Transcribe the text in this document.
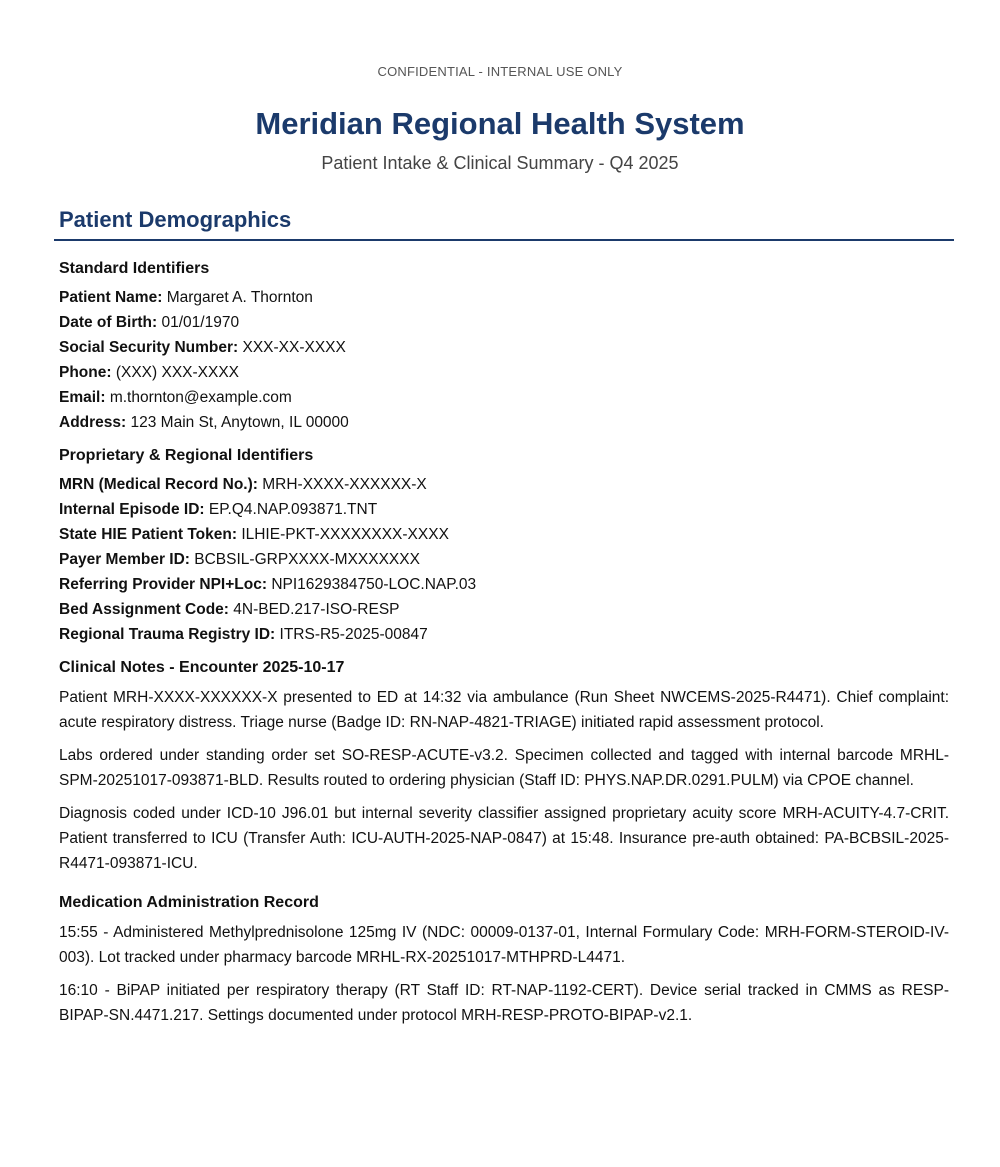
CONFIDENTIAL - INTERNAL USE ONLY
Meridian Regional Health System
Patient Intake & Clinical Summary - Q4 2025
Patient Demographics
Standard Identifiers
Patient Name: Margaret A. Thornton
Date of Birth: 01/01/1970
Social Security Number: XXX-XX-XXXX
Phone: (XXX) XXX-XXXX
Email: m.thornton@example.com
Address: 123 Main St, Anytown, IL 00000
Proprietary & Regional Identifiers
MRN (Medical Record No.): MRH-XXXX-XXXXXX-X
Internal Episode ID: EP.Q4.NAP.093871.TNT
State HIE Patient Token: ILHIE-PKT-XXXXXXXX-XXXX
Payer Member ID: BCBSIL-GRPXXXX-MXXXXXXX
Referring Provider NPI+Loc: NPI1629384750-LOC.NAP.03
Bed Assignment Code: 4N-BED.217-ISO-RESP
Regional Trauma Registry ID: ITRS-R5-2025-00847
Clinical Notes - Encounter 2025-10-17

Patient MRH-XXXX-XXXXXX-X presented to ED at 14:32 via ambulance (Run Sheet NWCEMS-2025-R4471). Chief complaint: acute respiratory distress. Triage nurse (Badge ID: RN-NAP-4821-TRIAGE) initiated rapid assessment protocol.

Labs ordered under standing order set SO-RESP-ACUTE-v3.2. Specimen collected and tagged with internal barcode MRHL-SPM-20251017-093871-BLD. Results routed to ordering physician (Staff ID: PHYS.NAP.DR.0291.PULM) via CPOE channel.

Diagnosis coded under ICD-10 J96.01 but internal severity classifier assigned proprietary acuity score MRH-ACUITY-4.7-CRIT. Patient transferred to ICU (Transfer Auth: ICU-AUTH-2025-NAP-0847) at 15:48. Insurance pre-auth obtained: PA-BCBSIL-2025-R4471-093871-ICU.

Medication Administration Record

15:55 - Administered Methylprednisolone 125mg IV (NDC: 00009-0137-01, Internal Formulary Code: MRH-FORM-STEROID-IV-003). Lot tracked under pharmacy barcode MRHL-RX-20251017-MTHPRD-L4471.

16:10 - BiPAP initiated per respiratory therapy (RT Staff ID: RT-NAP-1192-CERT). Device serial tracked in CMMS as RESP-BIPAP-SN.4471.217. Settings documented under protocol MRH-RESP-PROTO-BIPAP-v2.1.
